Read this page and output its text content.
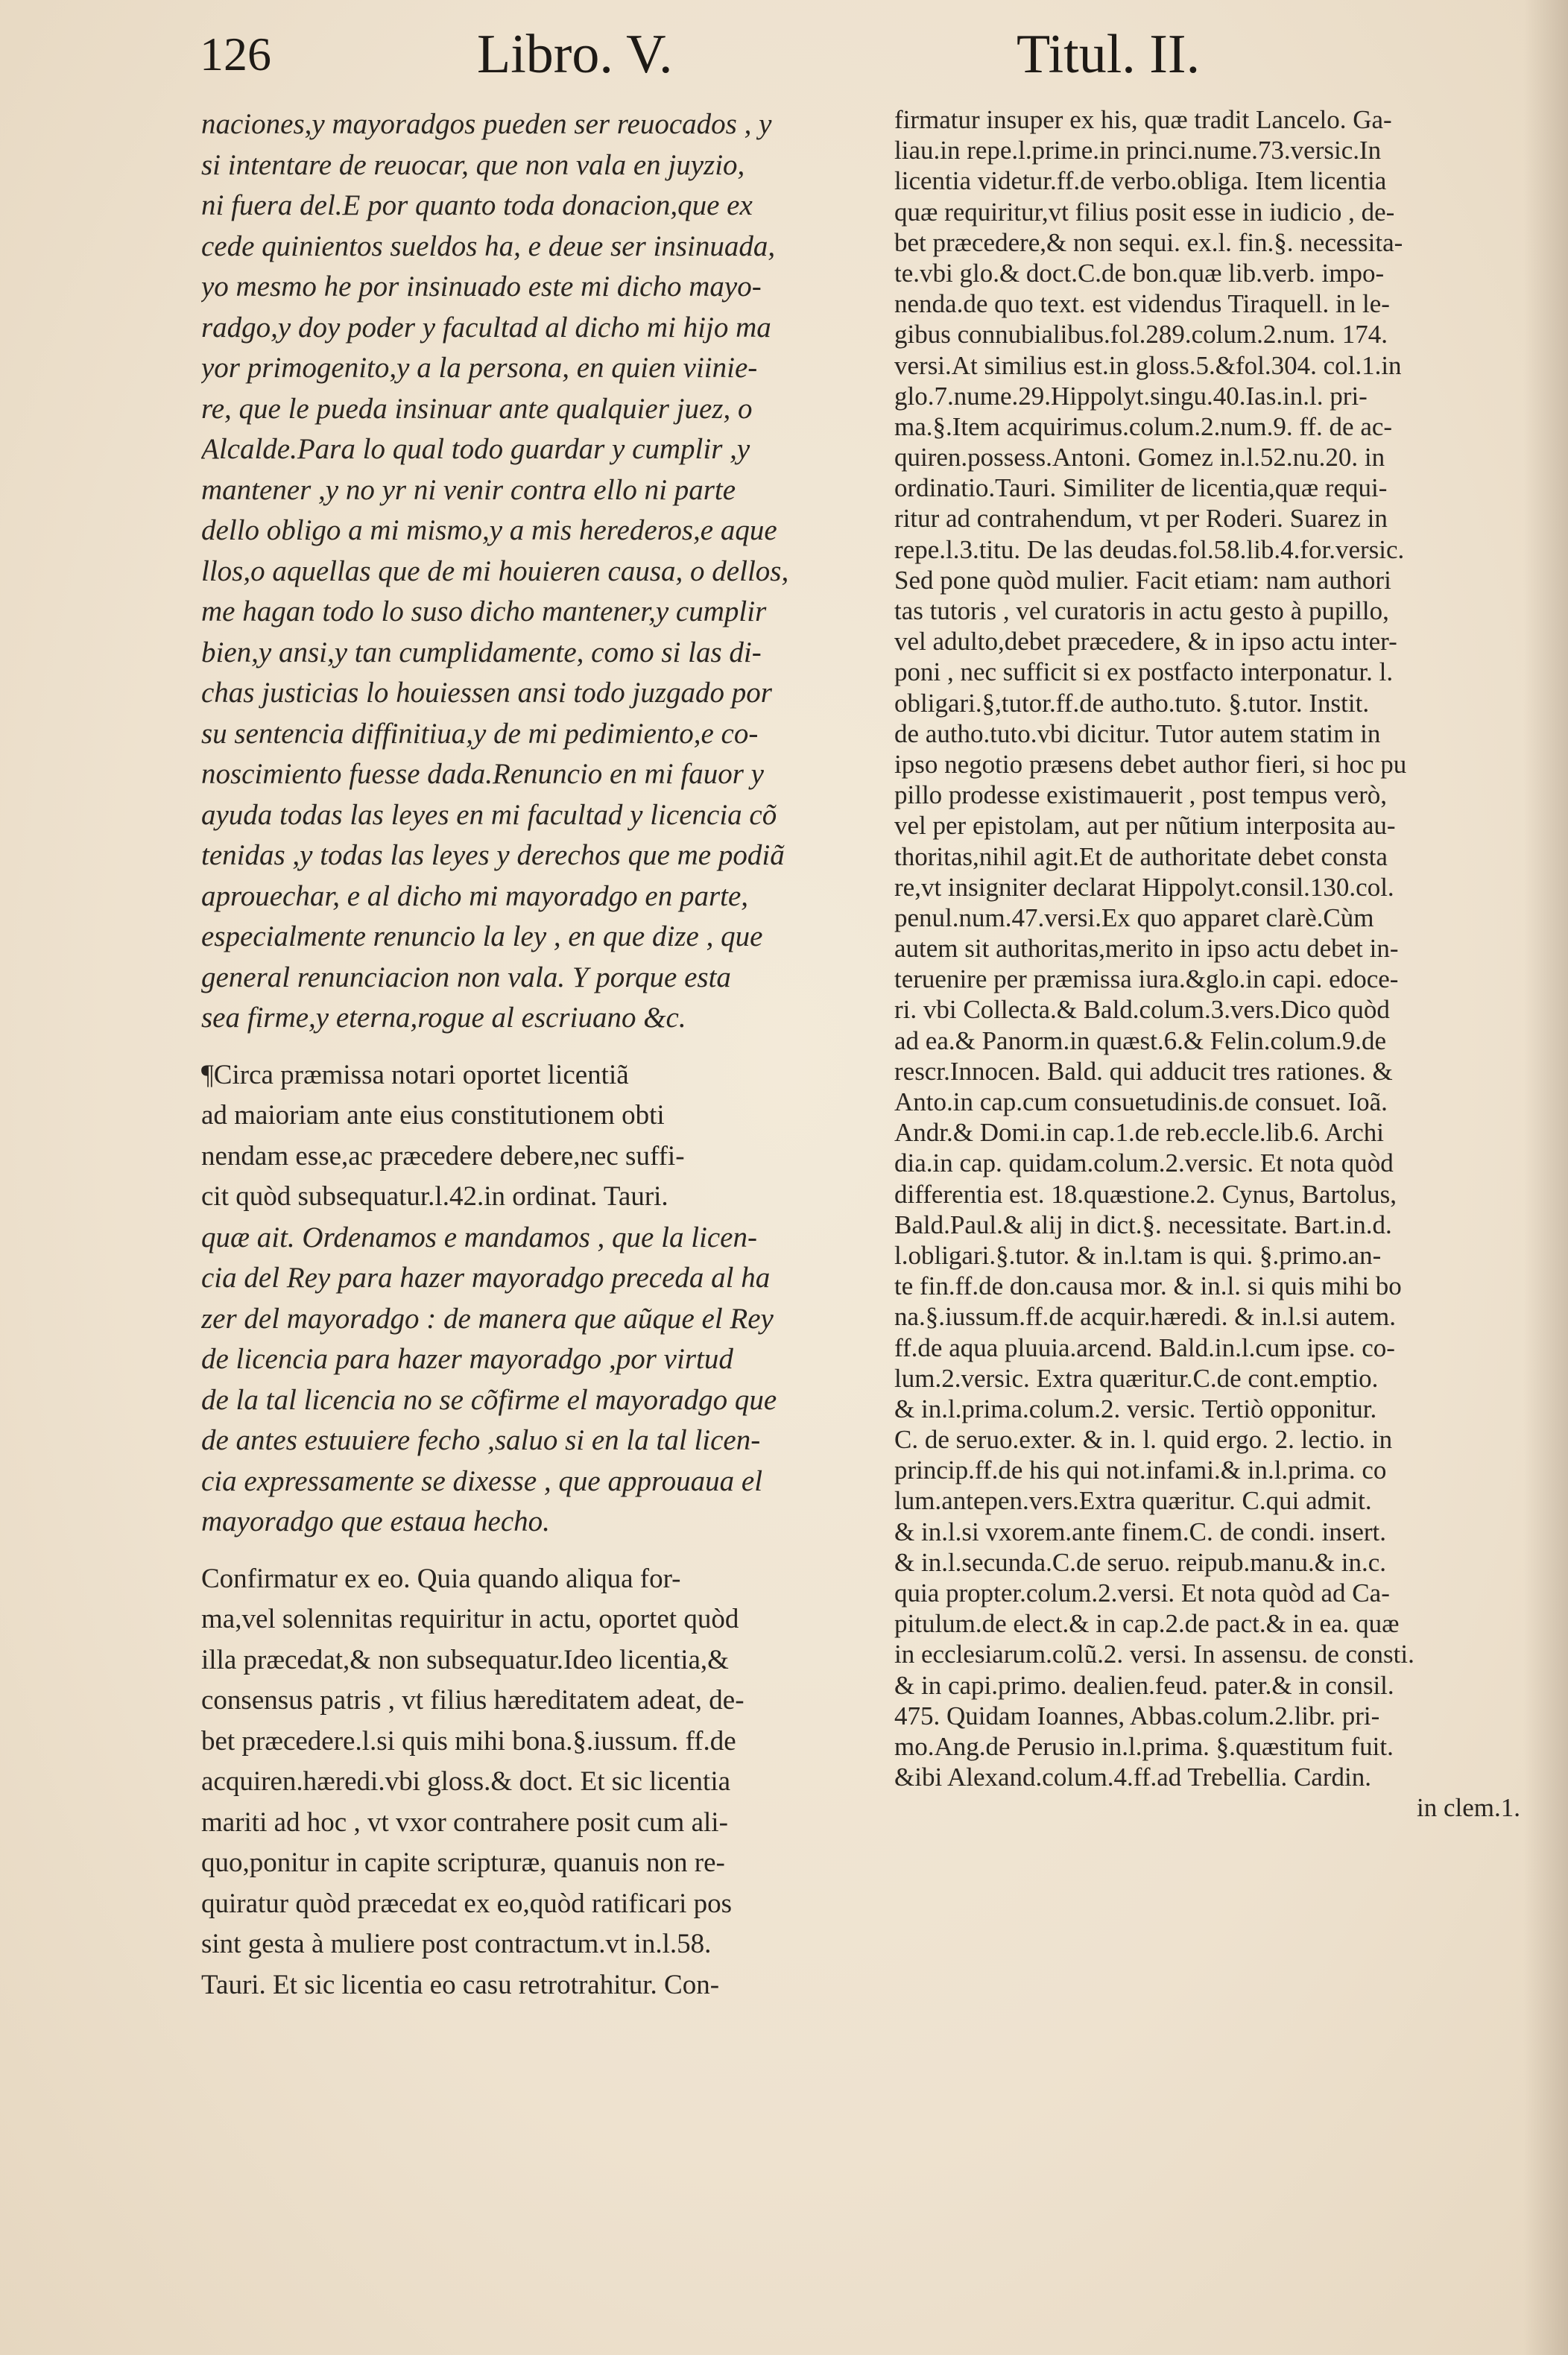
126	Libro. V.	Titul. II.
naciones,y mayoradgos pueden ser reuocados , y
si intentare de reuocar, que non vala en juyzio,
ni fuera del.E por quanto toda donacion,que ex
cede quinientos sueldos ha, e deue ser insinuada,
yo mesmo he por insinuado este mi dicho mayo-
radgo,y doy poder y facultad al dicho mi hijo ma
yor primogenito,y a la persona, en quien viinie-
re, que le pueda insinuar ante qualquier juez, o
Alcalde.Para lo qual todo guardar y cumplir ,y
mantener ,y no yr ni venir contra ello ni parte
dello obligo a mi mismo,y a mis herederos,e aque
llos,o aquellas que de mi houieren causa, o dellos,
me hagan todo lo suso dicho mantener,y cumplir
bien,y ansi,y tan cumplidamente, como si las di-
chas justicias lo houiessen ansi todo juzgado por
su sentencia diffinitiua,y de mi pedimiento,e co-
noscimiento fuesse dada.Renuncio en mi fauor y
ayuda todas las leyes en mi facultad y licencia cõ
tenidas ,y todas las leyes y derechos que me podiã
aprouechar, e al dicho mi mayoradgo en parte,
especialmente renuncio la ley , en que dize , que
general renunciacion non vala. Y porque esta
sea firme,y eterna,rogue al escriuano &c.
¶Circa præmissa notari oportet licentiã
ad maioriam ante eius constitutionem obti
nendam esse,ac præcedere debere,nec suffi-
cit quòd subsequatur.l.42.in ordinat. Tauri.
quæ ait. Ordenamos e mandamos , que la licen-
cia del Rey para hazer mayoradgo preceda al ha
zer del mayoradgo : de manera que aũque el Rey
de licencia para hazer mayoradgo ,por virtud
de la tal licencia no se cõfirme el mayoradgo que
de antes estuuiere fecho ,saluo si en la tal licen-
cia expressamente se dixesse , que approuaua el
mayoradgo que estaua hecho.
Confirmatur ex eo. Quia quando aliqua for-
ma,vel solennitas requiritur in actu, oportet quòd
illa præcedat,& non subsequatur.Ideo licentia,&
consensus patris , vt filius hæreditatem adeat, de-
bet præcedere.l.si quis mihi bona.§.iussum. ff.de
acquiren.hæredi.vbi gloss.& doct. Et sic licentia
mariti ad hoc , vt vxor contrahere posit cum ali-
quo,ponitur in capite scripturæ, quanuis non re-
quiratur quòd præcedat ex eo,quòd ratificari pos
sint gesta à muliere post contractum.vt in.l.58.
Tauri. Et sic licentia eo casu retrotrahitur. Con-
firmatur insuper ex his, quæ tradit Lancelo. Ga-
liau.in repe.l.prime.in princi.nume.73.versic.In
licentia videtur.ff.de verbo.obliga. Item licentia
quæ requiritur,vt filius posit esse in iudicio , de-
bet præcedere,& non sequi. ex.l. fin.§. necessita-
te.vbi glo.& doct.C.de bon.quæ lib.verb. impo-
nenda.de quo text. est videndus Tiraquell. in le-
gibus connubialibus.fol.289.colum.2.num. 174.
versi.At similius est.in gloss.5.&fol.304. col.1.in
glo.7.nume.29.Hippolyt.singu.40.Ias.in.l. pri-
ma.§.Item acquirimus.colum.2.num.9. ff. de ac-
quiren.possess.Antoni. Gomez in.l.52.nu.20. in
ordinatio.Tauri. Similiter de licentia,quæ requi-
ritur ad contrahendum, vt per Roderi. Suarez in
repe.l.3.titu. De las deudas.fol.58.lib.4.for.versic.
Sed pone quòd mulier. Facit etiam: nam authori
tas tutoris , vel curatoris in actu gesto à pupillo,
vel adulto,debet præcedere, & in ipso actu inter-
poni , nec sufficit si ex postfacto interponatur. l.
obligari.§,tutor.ff.de autho.tuto. §.tutor. Instit.
de autho.tuto.vbi dicitur. Tutor autem statim in
ipso negotio præsens debet author fieri, si hoc pu
pillo prodesse existimauerit , post tempus verò,
vel per epistolam, aut per nũtium interposita au-
thoritas,nihil agit.Et de authoritate debet consta
re,vt insigniter declarat Hippolyt.consil.130.col.
penul.num.47.versi.Ex quo apparet clarè.Cùm
autem sit authoritas,merito in ipso actu debet in-
teruenire per præmissa iura.&glo.in capi. edoce-
ri. vbi Collecta.& Bald.colum.3.vers.Dico quòd
ad ea.& Panorm.in quæst.6.& Felin.colum.9.de
rescr.Innocen. Bald. qui adducit tres rationes. &
Anto.in cap.cum consuetudinis.de consuet. Ioã.
Andr.& Domi.in cap.1.de reb.eccle.lib.6. Archi
dia.in cap. quidam.colum.2.versic. Et nota quòd
differentia est. 18.quæstione.2. Cynus, Bartolus,
Bald.Paul.& alij in dict.§. necessitate. Bart.in.d.
l.obligari.§.tutor. & in.l.tam is qui. §.primo.an-
te fin.ff.de don.causa mor. & in.l. si quis mihi bo
na.§.iussum.ff.de acquir.hæredi. & in.l.si autem.
ff.de aqua pluuia.arcend. Bald.in.l.cum ipse. co-
lum.2.versic. Extra quæritur.C.de cont.emptio.
& in.l.prima.colum.2. versic. Tertiò opponitur.
C. de seruo.exter. & in. l. quid ergo. 2. lectio. in
princip.ff.de his qui not.infami.& in.l.prima. co
lum.antepen.vers.Extra quæritur. C.qui admit.
& in.l.si vxorem.ante finem.C. de condi. insert.
& in.l.secunda.C.de seruo. reipub.manu.& in.c.
quia propter.colum.2.versi. Et nota quòd ad Ca-
pitulum.de elect.& in cap.2.de pact.& in ea. quæ
in ecclesiarum.colũ.2. versi. In assensu. de consti.
& in capi.primo. dealien.feud. pater.& in consil.
475. Quidam Ioannes, Abbas.colum.2.libr. pri-
mo.Ang.de Perusio in.l.prima. §.quæstitum fuit.
&ibi Alexand.colum.4.ff.ad Trebellia. Cardin.
in clem.1.
